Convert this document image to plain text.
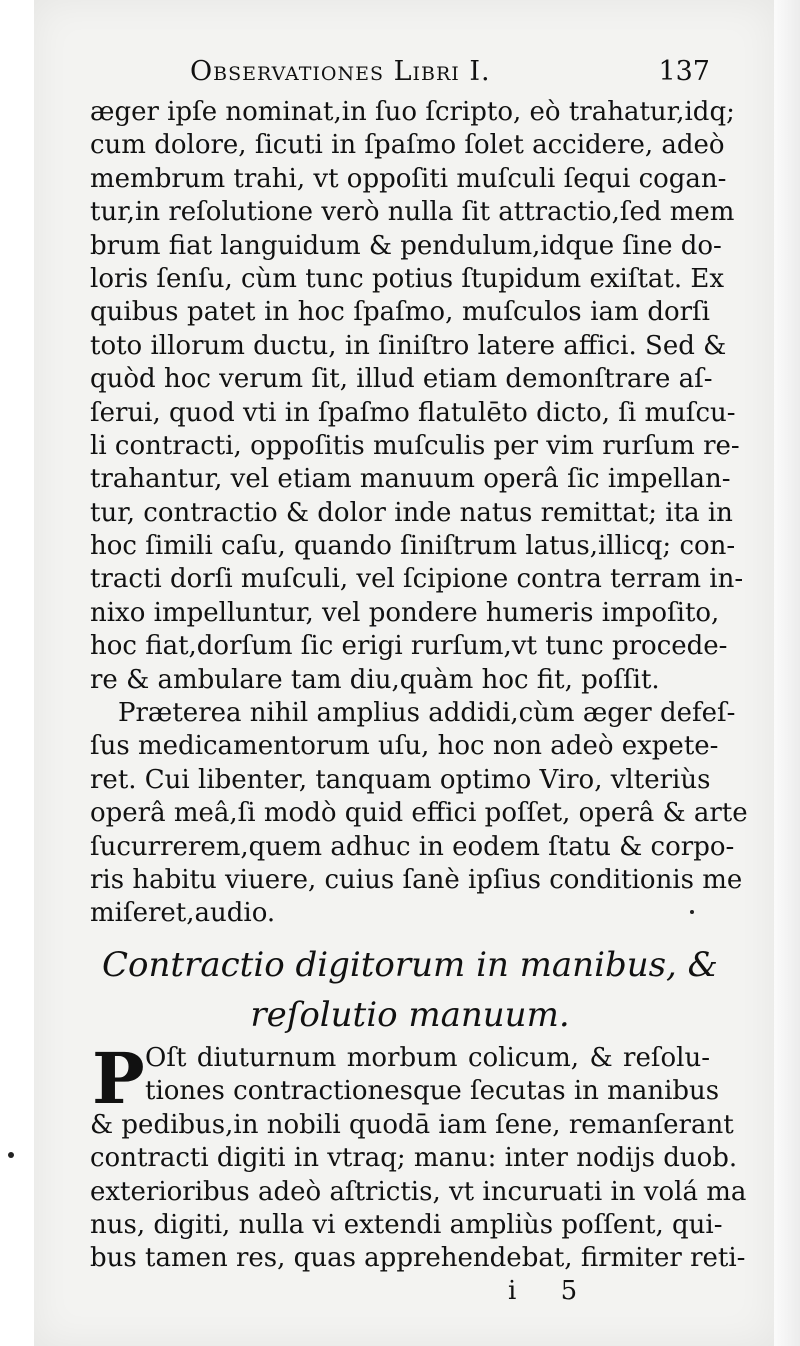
Observationes Libri I.	137
æger ipſe nominat,in ſuo ſcripto, eò trahatur,idq;
cum dolore, ſicuti in ſpaſmo ſolet accidere, adeò
membrum trahi, vt oppoſiti muſculi ſequi cogan-
tur,in reſolutione verò nulla ſit attractio,ſed mem
brum fiat languidum & pendulum,idque ſine do-
loris ſenſu, cùm tunc potius ſtupidum exiſtat. Ex
quibus patet in hoc ſpaſmo, muſculos iam dorſi
toto illorum ductu, in ſiniſtro latere affici. Sed &
quòd hoc verum ſit, illud etiam demonſtrare aſ-
ſerui, quod vti in ſpaſmo flatulēto dicto, ſi muſcu-
li contracti, oppoſitis muſculis per vim rurſum re-
trahantur, vel etiam manuum operâ ſic impellan-
tur, contractio & dolor inde natus remittat; ita in
hoc ſimili caſu, quando ſiniſtrum latus,illicq; con-
tracti dorſi muſculi, vel ſcipione contra terram in-
nixo impelluntur, vel pondere humeris impoſito,
hoc fiat,dorſum ſic erigi rurſum,vt tunc procede-
re & ambulare tam diu,quàm hoc fit, poſſit.
Præterea nihil amplius addidi,cùm æger defeſ-
ſus medicamentorum uſu, hoc non adeò expete-
ret. Cui libenter, tanquam optimo Viro, vlteriùs
operâ meâ,ſi modò quid effici poſſet, operâ & arte
ſucurrerem,quem adhuc in eodem ſtatu & corpo-
ris habitu viuere, cuius ſanè ipſius conditionis me
miſeret,audio.
Contractio digitorum in manibus, &
reſolutio manuum.
P Oſt diuturnum morbum colicum, & reſolu-
tiones contractionesque ſecutas in manibus
& pedibus,in nobili quodā iam ſene, remanſerant
contracti digiti in vtraq; manu: inter nodijs duob.
exterioribus adeò aſtrictis, vt incuruati in volá ma
nus, digiti, nulla vi extendi ampliùs poſſent, qui-
bus tamen res, quas apprehendebat, firmiter reti-
i 5
